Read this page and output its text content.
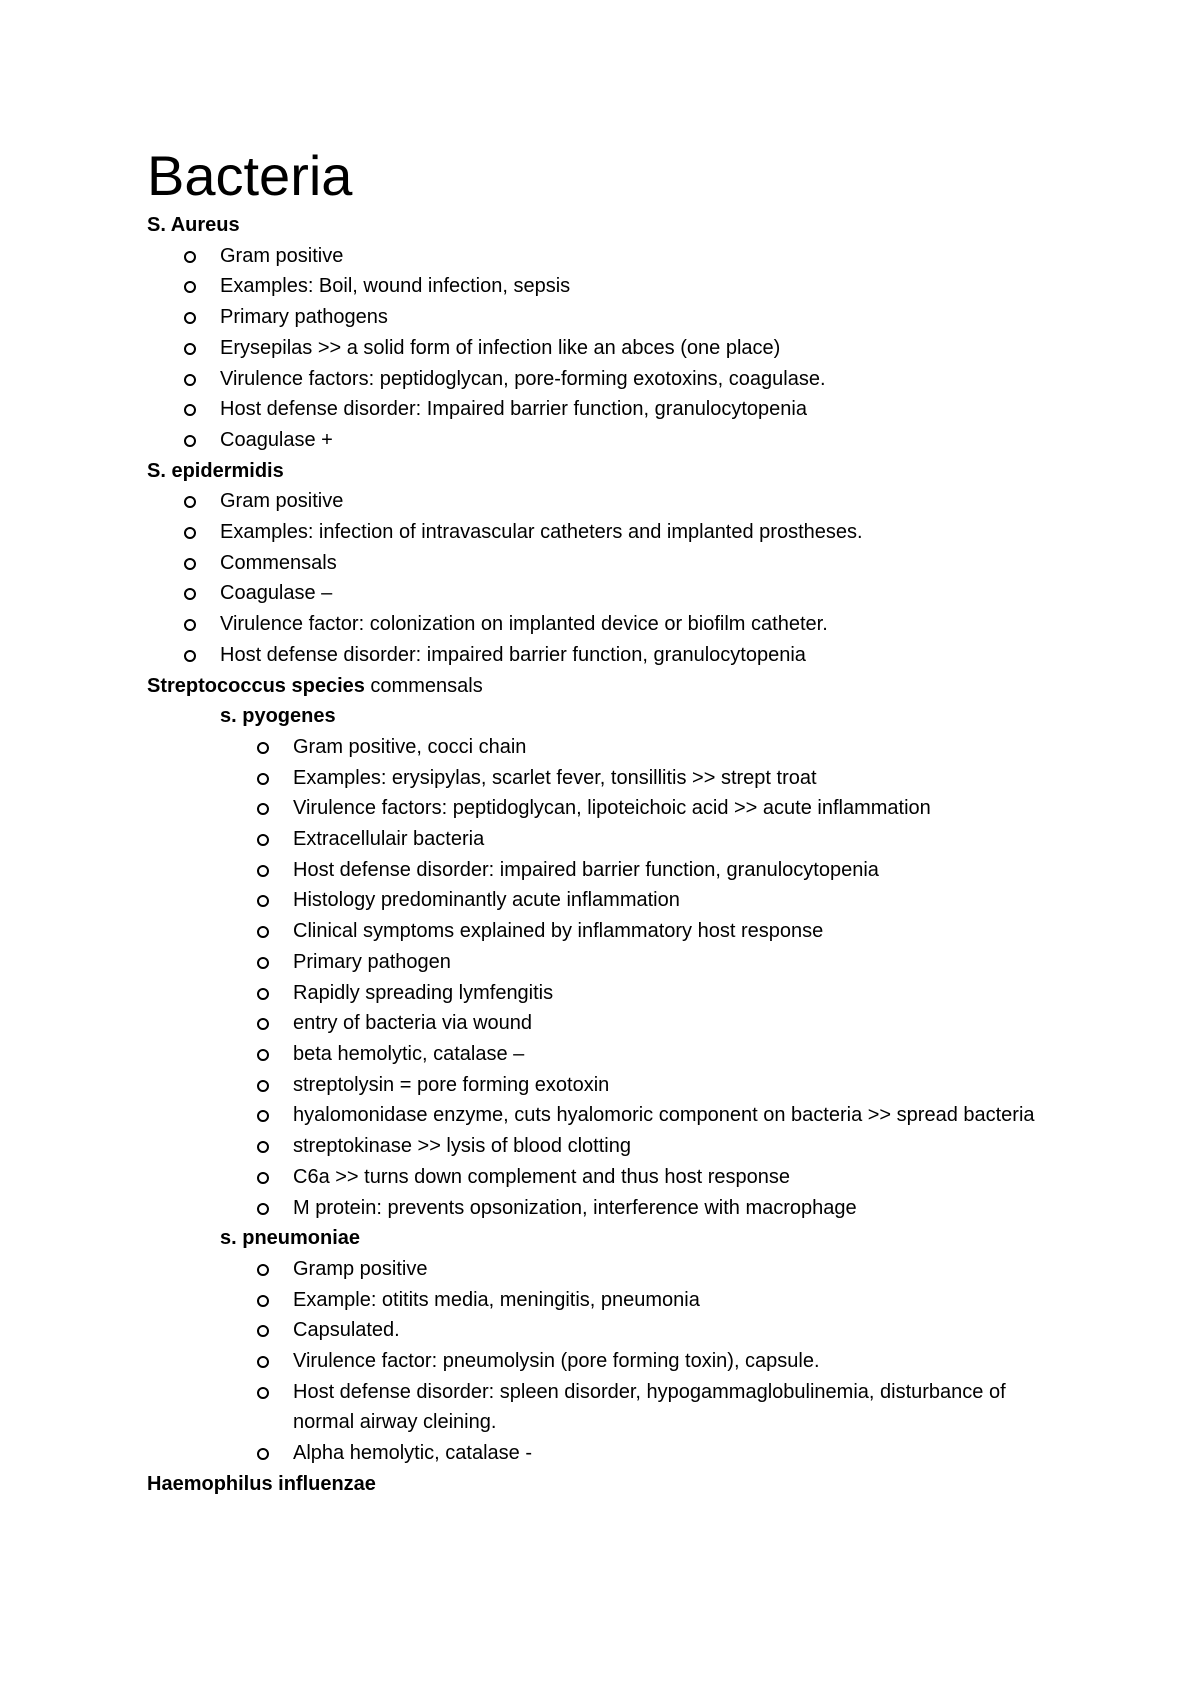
Bacteria

S. Aureus

Gram positive
Examples: Boil, wound infection, sepsis
Primary pathogens
Erysepilas >> a solid form of infection like an abces (one place)
Virulence factors: peptidoglycan, pore-forming exotoxins, coagulase.
Host defense disorder: Impaired barrier function, granulocytopenia
Coagulase +

S. epidermidis

Gram positive
Examples: infection of intravascular catheters and implanted prostheses.
Commensals
Coagulase –
Virulence factor: colonization on implanted device or biofilm catheter.
Host defense disorder: impaired barrier function, granulocytopenia

Streptococcus species commensals

s. pyogenes

Gram positive, cocci chain
Examples: erysipylas, scarlet fever, tonsillitis >> strept troat
Virulence factors: peptidoglycan, lipoteichoic acid >> acute inflammation
Extracellulair bacteria
Host defense disorder: impaired barrier function, granulocytopenia
Histology predominantly acute inflammation
Clinical symptoms explained by inflammatory host response
Primary pathogen
Rapidly spreading lymfengitis
entry of bacteria via wound
beta hemolytic, catalase –
streptolysin = pore forming exotoxin
hyalomonidase enzyme, cuts hyalomoric component on bacteria >> spread bacteria
streptokinase >> lysis of blood clotting
C6a >> turns down complement and thus host response
M protein: prevents opsonization, interference with macrophage

s. pneumoniae

Gramp positive
Example: otitits media, meningitis, pneumonia
Capsulated.
Virulence factor: pneumolysin (pore forming toxin), capsule.
Host defense disorder: spleen disorder, hypogammaglobulinemia, disturbance of normal airway cleining.
Alpha hemolytic, catalase -

Haemophilus influenzae
